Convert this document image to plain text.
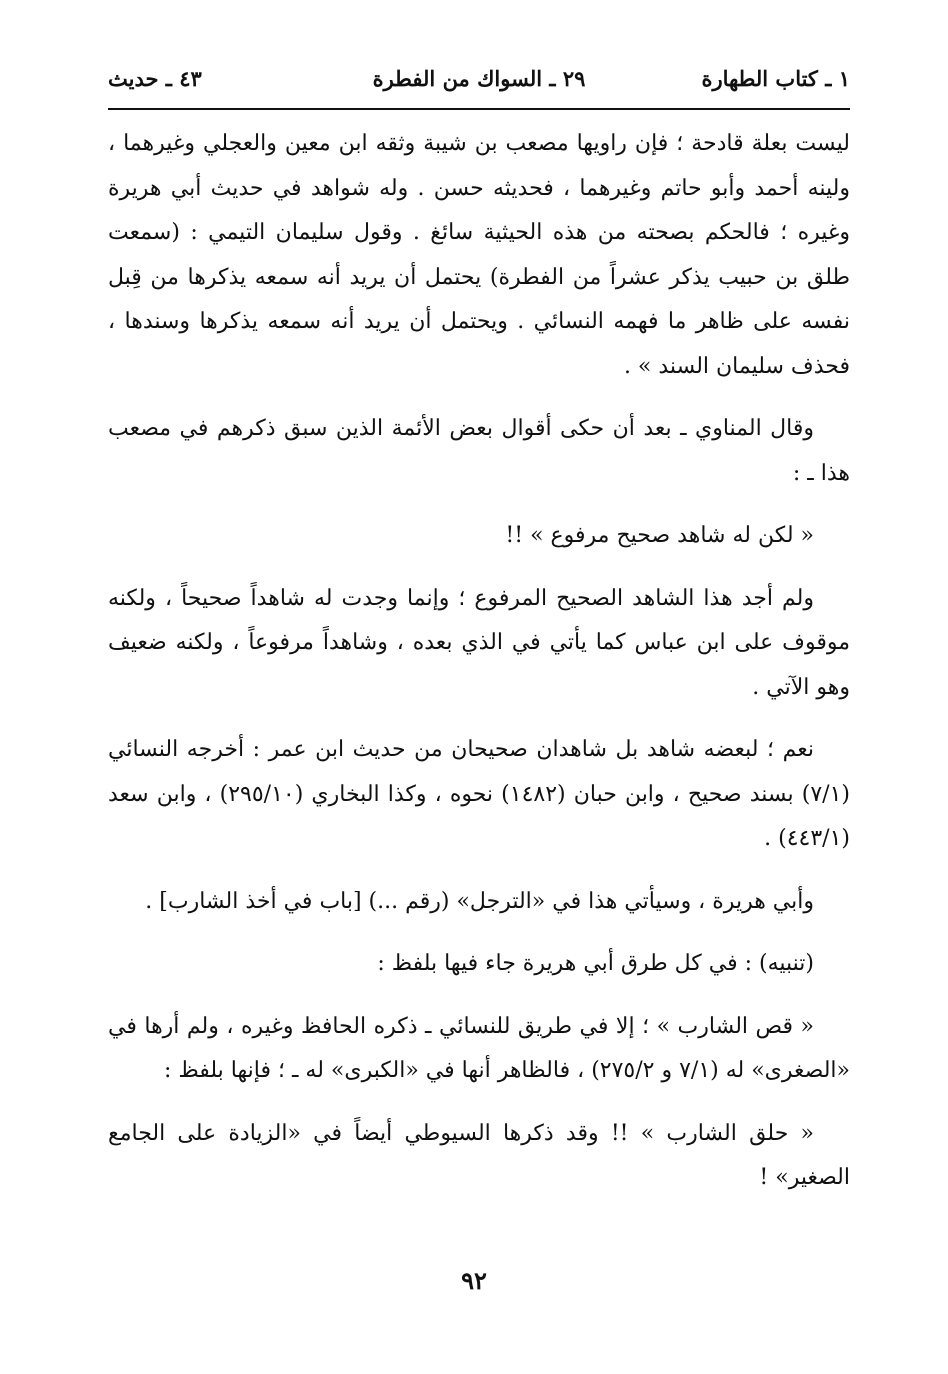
١ ـ كتاب الطهارة
٢٩ ـ السواك من الفطرة
٤٣ ـ حديث

ليست بعلة قادحة ؛ فإن راويها مصعب بن شيبة وثقه ابن معين والعجلي وغيرهما ، ولينه أحمد وأبو حاتم وغيرهما ، فحديثه حسن . وله شواهد في حديث أبي هريرة وغيره ؛ فالحكم بصحته من هذه الحيثية سائغ . وقول سليمان التيمي : (سمعت طلق بن حبيب يذكر عشراً من الفطرة) يحتمل أن يريد أنه سمعه يذكرها من قِبل نفسه على ظاهر ما فهمه النسائي . ويحتمل أن يريد أنه سمعه يذكرها وسندها ، فحذف سليمان السند » .

وقال المناوي ـ بعد أن حكى أقوال بعض الأئمة الذين سبق ذكرهم في مصعب هذا ـ :

« لكن له شاهد صحيح مرفوع » !!

ولم أجد هذا الشاهد الصحيح المرفوع ؛ وإنما وجدت له شاهداً صحيحاً ، ولكنه موقوف على ابن عباس كما يأتي في الذي بعده ، وشاهداً مرفوعاً ، ولكنه ضعيف وهو الآتي .

نعم ؛ لبعضه شاهد بل شاهدان صحيحان من حديث ابن عمر : أخرجه النسائي (٧/١) بسند صحيح ، وابن حبان (١٤٨٢) نحوه ، وكذا البخاري (٢٩٥/١٠) ، وابن سعد (٤٤٣/١) .

وأبي هريرة ، وسيأتي هذا في «الترجل» (رقم ...) [باب في أخذ الشارب] .

(تنبيه) : في كل طرق أبي هريرة جاء فيها بلفظ :

« قص الشارب » ؛ إلا في طريق للنسائي ـ ذكره الحافظ وغيره ، ولم أرها في «الصغرى» له (٧/١ و ٢٧٥/٢) ، فالظاهر أنها في «الكبرى» له ـ ؛ فإنها بلفظ :

« حلق الشارب » !! وقد ذكرها السيوطي أيضاً في «الزيادة على الجامع الصغير» !

٩٢
